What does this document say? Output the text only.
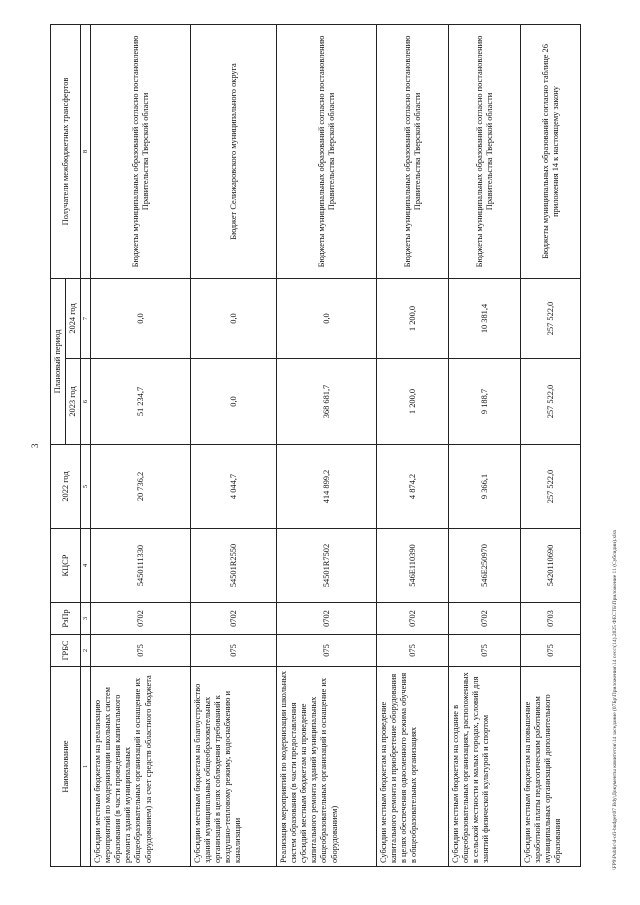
3
Наименование	ГРБС	РзПр	КЦСР	2022 год	Плановый период		Получатели межбюджетных трансфертов
					2023 год	2024 год	
1	2	3	4	5	6	7	8
Субсидии местным бюджетам на реализацию мероприятий по модернизации школьных систем образования (в части проведения капитального ремонта зданий муниципальных общеобразовательных организаций и оснащение их оборудованием) за счет средств областного бюджета	075	0702	5450111330	20 736,2	51 234,7	0,0	Бюджеты муниципальных образований согласно постановлению Правительства Тверской области
Субсидии местным бюджетам на благоустройство зданий муниципальных общеобразовательных организаций в целях соблюдения требований к воздушно-тепловому режиму, водоснабжению и канализации	075	0702	54501R2550	4 044,7	0,0	0,0	Бюджет Селижаровского муниципального округа
Реализация мероприятий по модернизации школьных систем образования (в части предоставления субсидий местным бюджетам на проведение капитального ремонта зданий муниципальных общеобразовательных организаций и оснащение их оборудованием)	075	0702	54501R7502	414 899,2	368 681,7	0,0	Бюджеты муниципальных образований согласно постановлению Правительства Тверской области
Субсидии местным бюджетам на проведение капитального ремонта и приобретение оборудования в целях обеспечения односменного режима обучения в общеобразовательных организациях	075	0702	546E110390	4 874,2	1 200,0	1 200,0	Бюджеты муниципальных образований согласно постановлению Правительства Тверской области
Субсидии местным бюджетам на создание в общеобразовательных организациях, расположенных в сельской местности и малых городах, условий для занятий физической культурой и спортом	075	0702	546E250970	9 366,1	9 188,7	10 381,4	Бюджеты муниципальных образований согласно постановлению Правительства Тверской области
Субсидии местным бюджетам на повышение заработной платы педагогическим работникам муниципальных организаций дополнительного образования	075	0703	5420110690	257 522,0	257 522,0	257 522,0	Бюджеты муниципальных образований согласно таблице 26 приложения 14 к настоящему закону
\FP9\Public\d-ofi-budget\07 Bdy\Документы комитетов\14 заседание (07Бр\Приложения\14 сесс\(14).2025 ФЕСТБ\Приложение 11 (Субсидии).xlsx
